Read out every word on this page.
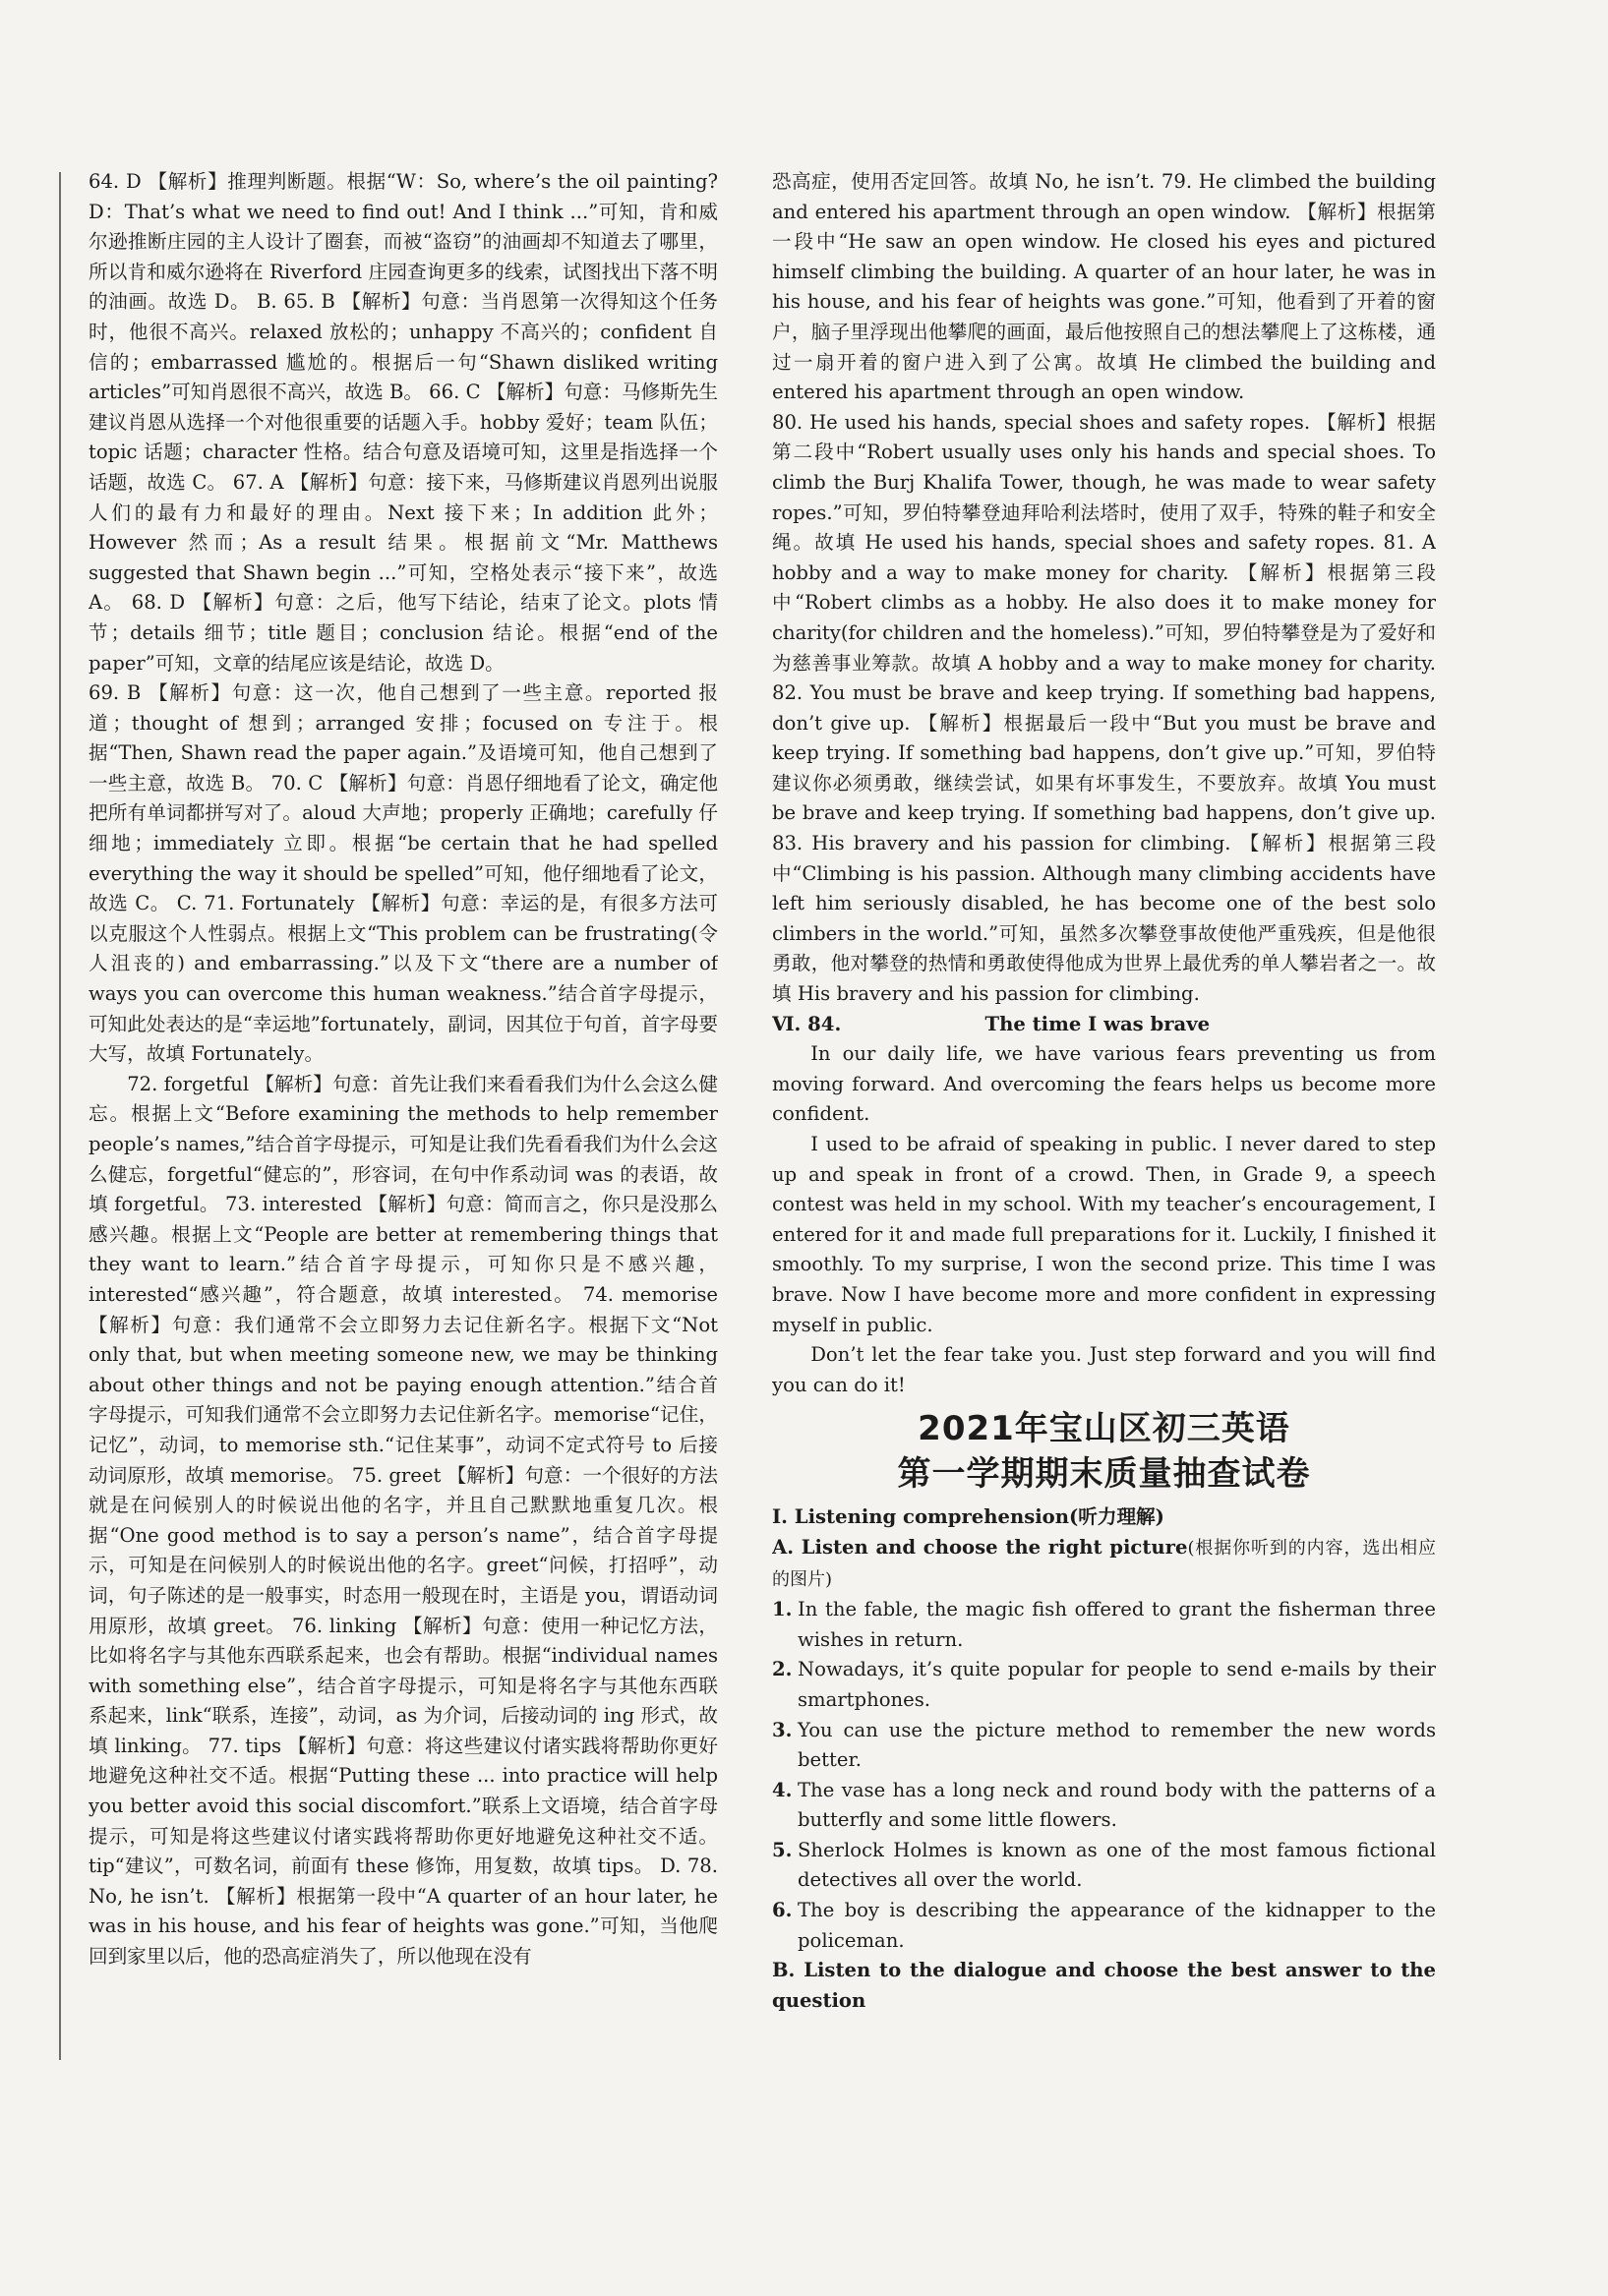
64. D 【解析】推理判断题。根据“W：So, where’s the oil painting? D：That’s what we need to find out! And I think ...”可知，肯和威尔逊推断庄园的主人设计了圈套，而被“盗窃”的油画却不知道去了哪里，所以肯和威尔逊将在 Riverford 庄园查询更多的线索，试图找出下落不明的油画。故选 D。 B. 65. B 【解析】句意：当肖恩第一次得知这个任务时，他很不高兴。relaxed 放松的；unhappy 不高兴的；confident 自信的；embarrassed 尴尬的。根据后一句“Shawn disliked writing articles”可知肖恩很不高兴，故选 B。 66. C 【解析】句意：马修斯先生建议肖恩从选择一个对他很重要的话题入手。hobby 爱好；team 队伍；topic 话题；character 性格。结合句意及语境可知，这里是指选择一个话题，故选 C。 67. A 【解析】句意：接下来，马修斯建议肖恩列出说服人们的最有力和最好的理由。Next 接下来；In addition 此外；However 然而；As a result 结果。根据前文“Mr. Matthews suggested that Shawn begin ...”可知，空格处表示“接下来”，故选 A。 68. D 【解析】句意：之后，他写下结论，结束了论文。plots 情节；details 细节；title 题目；conclusion 结论。根据“end of the paper”可知，文章的结尾应该是结论，故选 D。

69. B 【解析】句意：这一次，他自己想到了一些主意。reported 报道；thought of 想到；arranged 安排；focused on 专注于。根据“Then, Shawn read the paper again.”及语境可知，他自己想到了一些主意，故选 B。 70. C 【解析】句意：肖恩仔细地看了论文，确定他把所有单词都拼写对了。aloud 大声地；properly 正确地；carefully 仔细地；immediately 立即。根据“be certain that he had spelled everything the way it should be spelled”可知，他仔细地看了论文，故选 C。 C. 71. Fortunately 【解析】句意：幸运的是，有很多方法可以克服这个人性弱点。根据上文“This problem can be frustrating(令人沮丧的) and embarrassing.”以及下文“there are a number of ways you can overcome this human weakness.”结合首字母提示，可知此处表达的是“幸运地”fortunately，副词，因其位于句首，首字母要大写，故填 Fortunately。

72. forgetful 【解析】句意：首先让我们来看看我们为什么会这么健忘。根据上文“Before examining the methods to help remember people’s names,”结合首字母提示，可知是让我们先看看我们为什么会这么健忘，forgetful“健忘的”，形容词，在句中作系动词 was 的表语，故填 forgetful。 73. interested 【解析】句意：简而言之，你只是没那么感兴趣。根据上文“People are better at remembering things that they want to learn.”结合首字母提示，可知你只是不感兴趣，interested“感兴趣”，符合题意，故填 interested。 74. memorise 【解析】句意：我们通常不会立即努力去记住新名字。根据下文“Not only that, but when meeting someone new, we may be thinking about other things and not be paying enough attention.”结合首字母提示，可知我们通常不会立即努力去记住新名字。memorise“记住，记忆”，动词，to memorise sth.“记住某事”，动词不定式符号 to 后接动词原形，故填 memorise。 75. greet 【解析】句意：一个很好的方法就是在问候别人的时候说出他的名字，并且自己默默地重复几次。根据“One good method is to say a person’s name”，结合首字母提示，可知是在问候别人的时候说出他的名字。greet“问候，打招呼”，动词，句子陈述的是一般事实，时态用一般现在时，主语是 you，谓语动词用原形，故填 greet。 76. linking 【解析】句意：使用一种记忆方法，比如将名字与其他东西联系起来，也会有帮助。根据“individual names with something else”，结合首字母提示，可知是将名字与其他东西联系起来，link“联系，连接”，动词，as 为介词，后接动词的 ing 形式，故填 linking。 77. tips 【解析】句意：将这些建议付诸实践将帮助你更好地避免这种社交不适。根据“Putting these ... into practice will help you better avoid this social discomfort.”联系上文语境，结合首字母提示，可知是将这些建议付诸实践将帮助你更好地避免这种社交不适。tip“建议”，可数名词，前面有 these 修饰，用复数，故填 tips。 D. 78. No, he isn’t. 【解析】根据第一段中“A quarter of an hour later, he was in his house, and his fear of heights was gone.”可知，当他爬回到家里以后，他的恐高症消失了，所以他现在没有

恐高症，使用否定回答。故填 No, he isn’t. 79. He climbed the building and entered his apartment through an open window. 【解析】根据第一段中“He saw an open window. He closed his eyes and pictured himself climbing the building. A quarter of an hour later, he was in his house, and his fear of heights was gone.”可知，他看到了开着的窗户，脑子里浮现出他攀爬的画面，最后他按照自己的想法攀爬上了这栋楼，通过一扇开着的窗户进入到了公寓。故填 He climbed the building and entered his apartment through an open window.

80. He used his hands, special shoes and safety ropes. 【解析】根据第二段中“Robert usually uses only his hands and special shoes. To climb the Burj Khalifa Tower, though, he was made to wear safety ropes.”可知，罗伯特攀登迪拜哈利法塔时，使用了双手，特殊的鞋子和安全绳。故填 He used his hands, special shoes and safety ropes. 81. A hobby and a way to make money for charity. 【解析】根据第三段中“Robert climbs as a hobby. He also does it to make money for charity(for children and the homeless).”可知，罗伯特攀登是为了爱好和为慈善事业筹款。故填 A hobby and a way to make money for charity. 82. You must be brave and keep trying. If something bad happens, don’t give up. 【解析】根据最后一段中“But you must be brave and keep trying. If something bad happens, don’t give up.”可知，罗伯特建议你必须勇敢，继续尝试，如果有坏事发生，不要放弃。故填 You must be brave and keep trying. If something bad happens, don’t give up. 83. His bravery and his passion for climbing. 【解析】根据第三段中“Climbing is his passion. Although many climbing accidents have left him seriously disabled, he has become one of the best solo climbers in the world.”可知，虽然多次攀登事故使他严重残疾，但是他很勇敢，他对攀登的热情和勇敢使得他成为世界上最优秀的单人攀岩者之一。故填 His bravery and his passion for climbing.

Ⅵ. 84.	The time I was brave

In our daily life, we have various fears preventing us from moving forward. And overcoming the fears helps us become more confident.

I used to be afraid of speaking in public. I never dared to step up and speak in front of a crowd. Then, in Grade 9, a speech contest was held in my school. With my teacher’s encouragement, I entered for it and made full preparations for it. Luckily, I finished it smoothly. To my surprise, I won the second prize. This time I was brave. Now I have become more and more confident in expressing myself in public.

Don’t let the fear take you. Just step forward and you will find you can do it!

2021年宝山区初三英语
第一学期期末质量抽查试卷

Ⅰ. Listening comprehension(听力理解)

A. Listen and choose the right picture(根据你听到的内容，选出相应的图片)

1. In the fable, the magic fish offered to grant the fisherman three wishes in return.
2. Nowadays, it’s quite popular for people to send e-mails by their smartphones.
3. You can use the picture method to remember the new words better.
4. The vase has a long neck and round body with the patterns of a butterfly and some little flowers.
5. Sherlock Holmes is known as one of the most famous fictional detectives all over the world.
6. The boy is describing the appearance of the kidnapper to the policeman.

B. Listen to the dialogue and choose the best answer to the question
